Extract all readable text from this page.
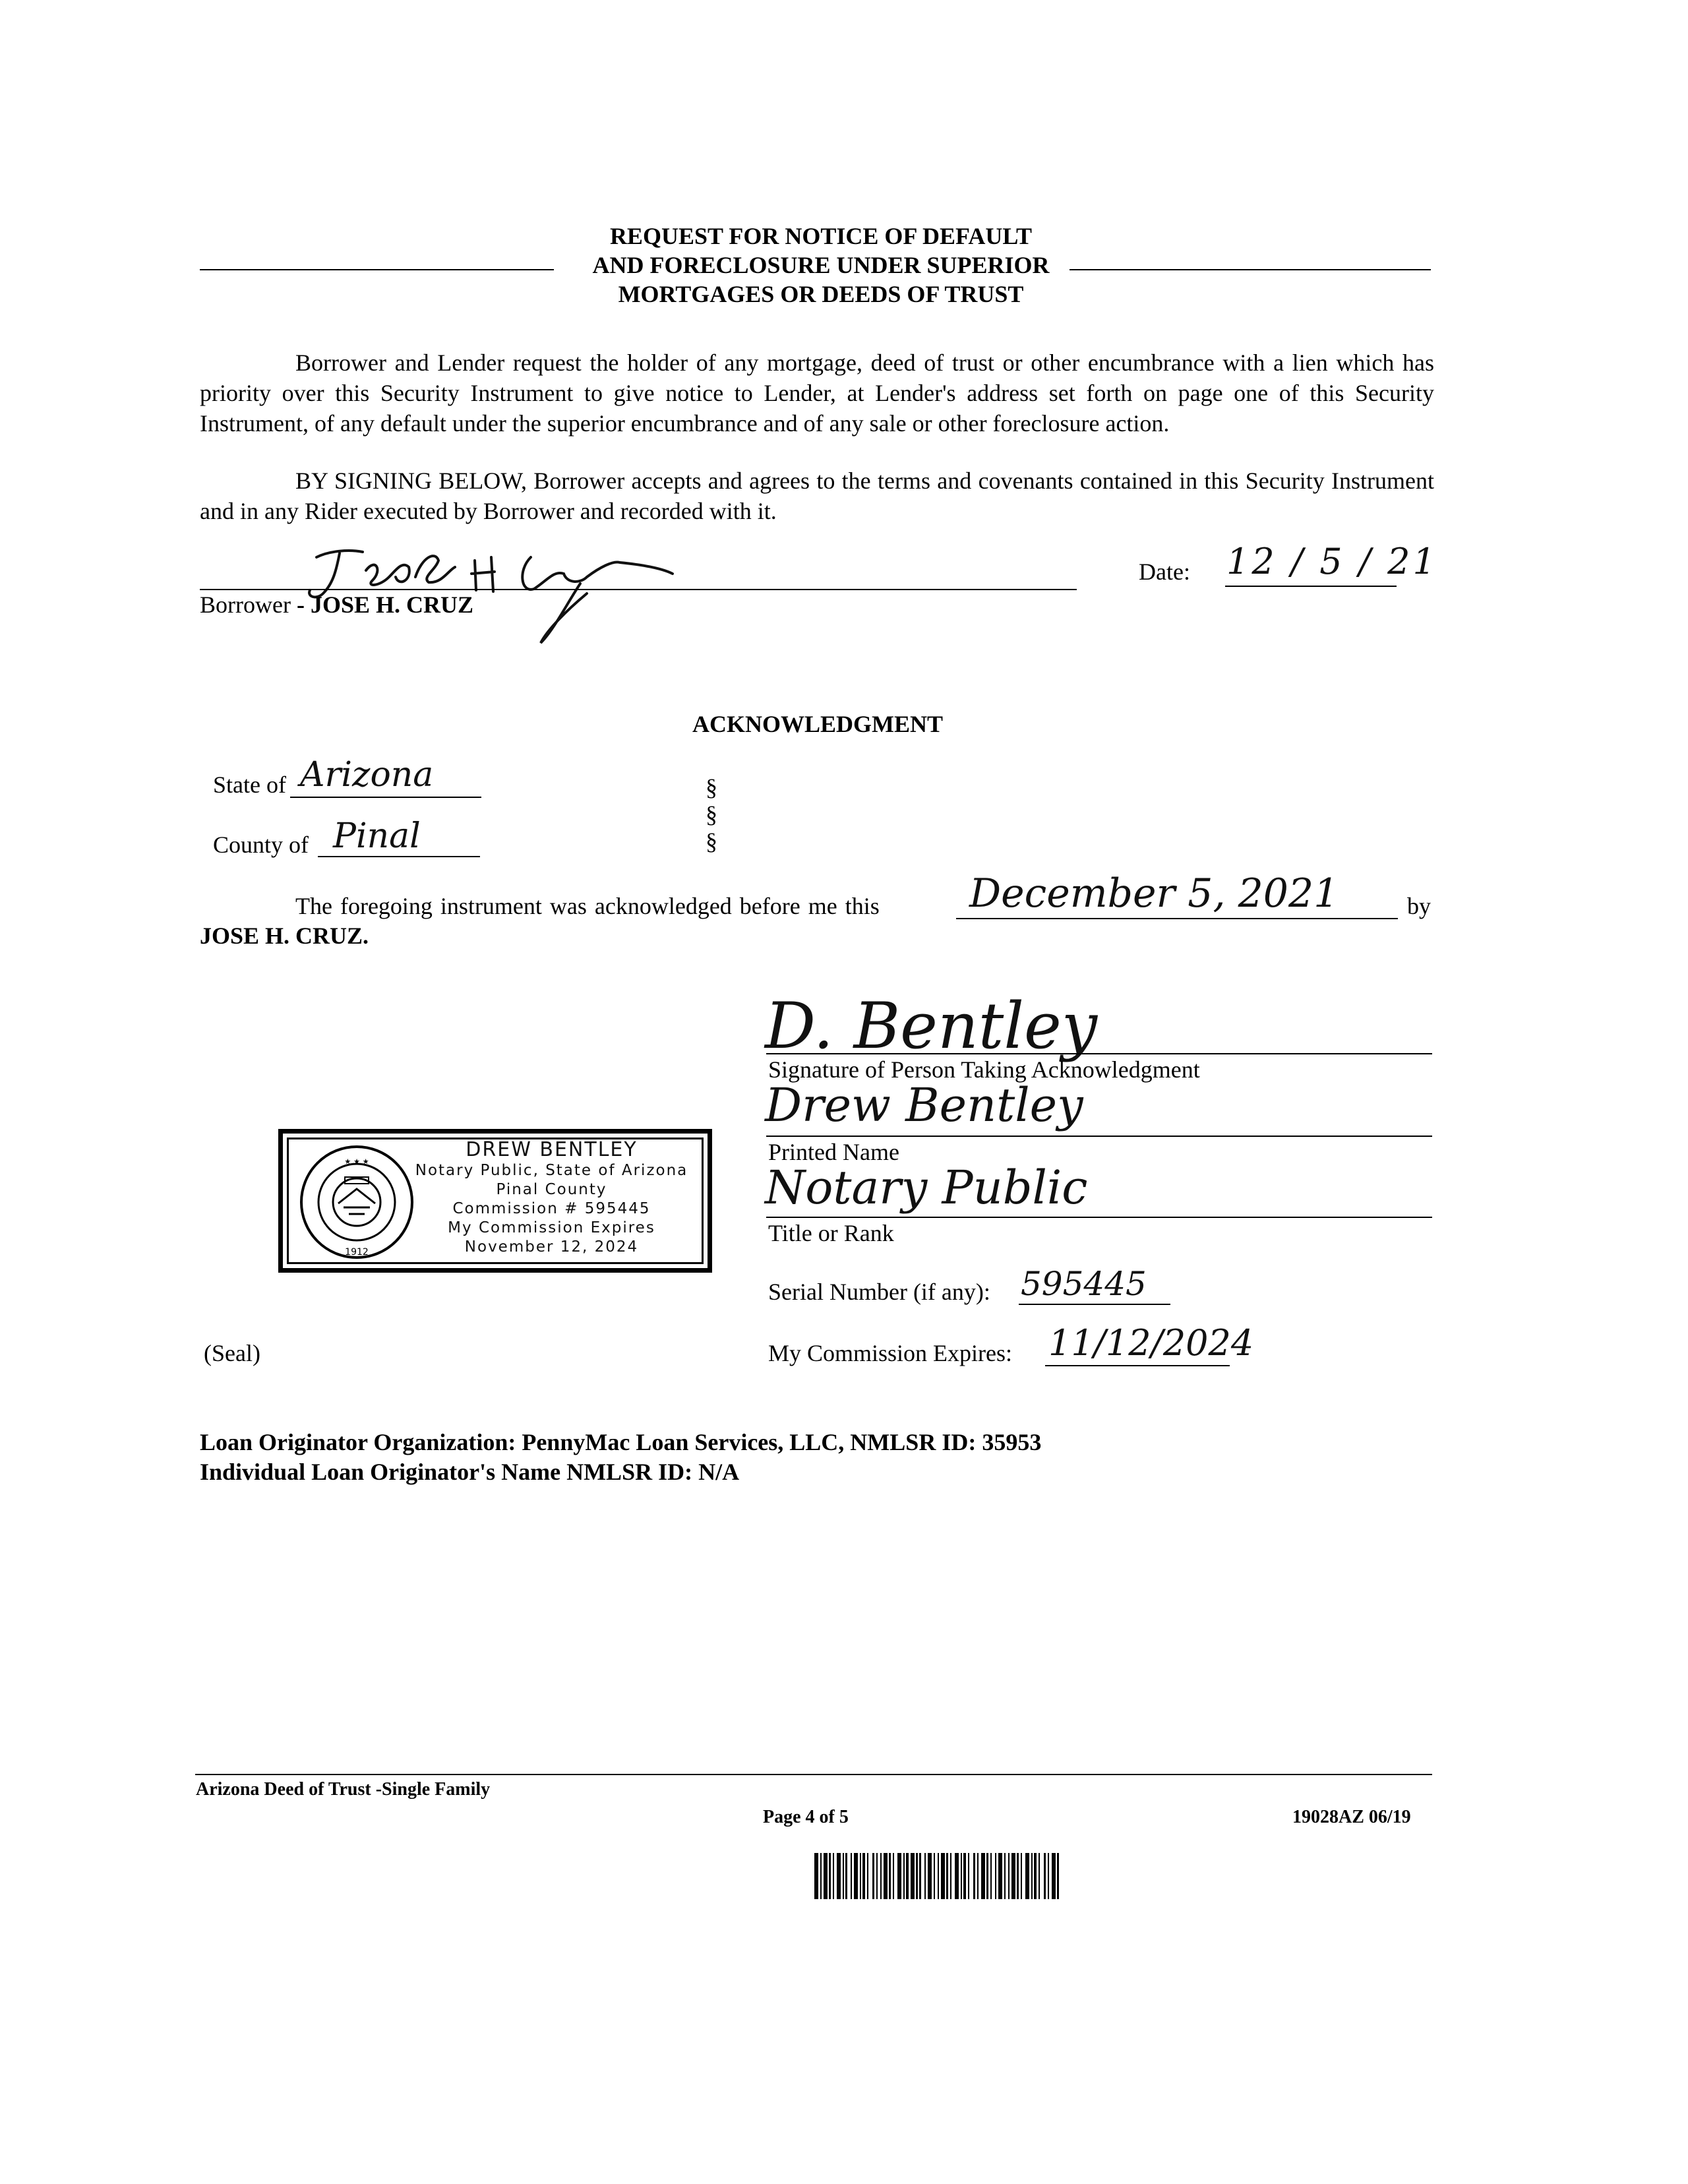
REQUEST FOR NOTICE OF DEFAULT
AND FORECLOSURE UNDER SUPERIOR
MORTGAGES OR DEEDS OF TRUST
Borrower and Lender request the holder of any mortgage, deed of trust or other encumbrance with a lien which has priority over this Security Instrument to give notice to Lender, at Lender's address set forth on page one of this Security Instrument, of any default under the superior encumbrance and of any sale or other foreclosure action.
BY SIGNING BELOW, Borrower accepts and agrees to the terms and covenants contained in this Security Instrument and in any Rider executed by Borrower and recorded with it.
Borrower - JOSE H. CRUZ
Date: 12 / 5 / 21
ACKNOWLEDGMENT
State of Arizona
County of Pinal
§
§
§
The foregoing instrument was acknowledged before me this December 5, 2021	by
JOSE H. CRUZ.
D. Bentley
Signature of Person Taking Acknowledgment
Drew Bentley
Printed Name
Notary Public
Title or Rank
Serial Number (if any): 595445
My Commission Expires: 11/12/2024
(Seal)
1912
★ ★ ★
DREW BENTLEY
Notary Public, State of Arizona
Pinal County
Commission # 595445
My Commission Expires
November 12, 2024
Loan Originator Organization: PennyMac Loan Services, LLC, NMLSR ID: 35953
Individual Loan Originator's Name NMLSR ID: N/A
Arizona Deed of Trust -Single Family
Page 4 of 5	19028AZ 06/19
